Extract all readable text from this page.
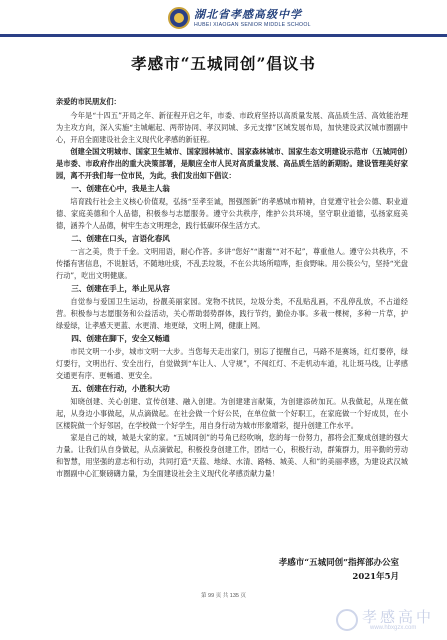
湖北省孝感高级中学
HUBEI XIAOGAN SENIOR MIDDLE SCHOOL
孝感市“五城同创”倡议书

亲爱的市民朋友们：

今年是“十四五”开局之年、新征程开启之年，市委、市政府坚持以高质量发展、高品质生活、高效能治理为主攻方向，深入实施“主城崛起、两带协同、孝汉同城、多元支撑”区域发展布局，加快建设武汉城市圈副中心，开启全面建设社会主义现代化孝感的新征程。

创建全国文明城市、国家卫生城市、国家园林城市、国家森林城市、国家生态文明建设示范市（五城同创）是市委、市政府作出的重大决策部署，是顺应全市人民对高质量发展、高品质生活的新期盼。建设管理美好家园，离不开我们每一位市民，为此，我们发出如下倡议：

一、创建在心中，我是主人翁

培育践行社会主义核心价值观，弘扬“至孝至诚，图强图新”的孝感城市精神，自觉遵守社会公德、职业道德、家庭美德和个人品德，积极参与志愿服务。遵守公共秩序，维护公共环境，坚守职业道德，弘扬家庭美德，涵养个人品德，树牢生态文明理念，践行低碳环保生活方式。

二、创建在口头，言语化春风

一言之美，贵于千金。文明用语，耐心作答。多讲“您好”“谢谢”“对不起”，尊重他人。遵守公共秩序，不传播有害信息，不说脏话，不随地吐痰，不乱丢垃圾，不在公共场所喧哗，拒食野味。用公筷公勺，坚持“光盘行动”，吃出文明健康。

三、创建在手上，举止见从容

自觉参与爱国卫生运动，扮靓美丽家园。宠物不扰民，垃圾分类，不乱贴乱画，不乱停乱放，不占道经营。积极参与志愿服务和公益活动，关心帮助弱势群体，践行节约，勤俭办事。多栽一棵树，多种一片草，护绿爱绿，让孝感天更蓝、水更清、地更绿，文明上网，健康上网。

四、创建在脚下，安全又畅通

市民文明一小步，城市文明一大步。当您每天走出家门，别忘了提醒自己，马路不是赛场，红灯要停，绿灯要行，文明出行、安全出行，自觉做到“车让人、人守规”，不闯红灯、不走机动车道，礼让斑马线，让孝感交通更有序、更畅通、更安全。

五、创建在行动，小胜积大功

知晓创建、关心创建、宣传创建、融入创建。为创建建言献策，为创建添砖加瓦。从我做起，从现在做起，从身边小事做起，从点滴做起。在社会做一个好公民，在单位做一个好职工，在家庭做一个好成员，在小区楼院做一个好邻居，在学校做一个好学生，用自身行动为城市形象增彩，提升创建工作水平。

家是自己的城，城是大家的家。“五城同创”的号角已经吹响，您的每一份努力，都将会汇聚成创建的强大力量。让我们从自身做起，从点滴做起，积极投身创建工作，团结一心，积极行动，群策群力，用辛勤的劳动和智慧，用坚强的意志和行动，共同打造“天蓝、地绿、水清、路畅、城美、人和”的美丽孝感，为建设武汉城市圈副中心汇聚磅礴力量，为全面建设社会主义现代化孝感贡献力量！

孝感市“五城同创”指挥部办公室
2021年5月
第 99 页 共 135 页
孝感高中
www.hbxgzx.com
